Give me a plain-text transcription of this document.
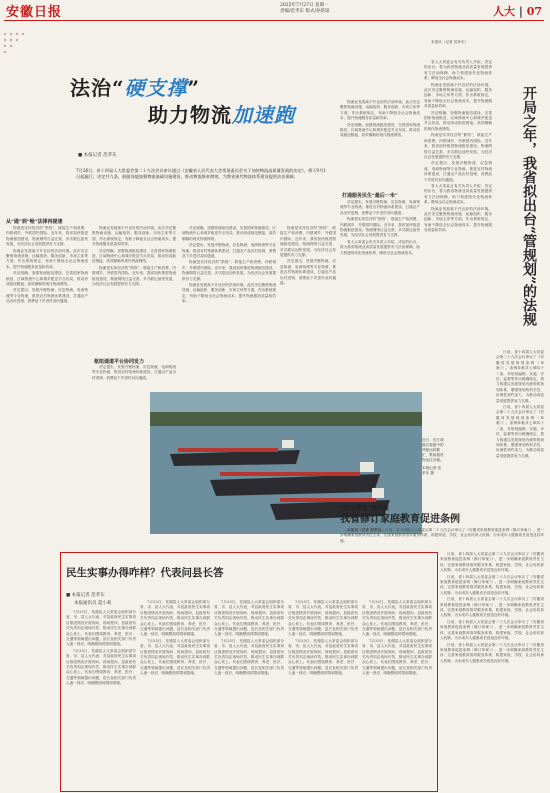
安徽日报	2025年7月27日 星期一
责编/范孝东 版式/孙铭琼	人大 | 07
法治“硬支撑”
助力物流加速跑
■ 本报记者 范孝东
7月26日，省十四届人大常委会第二十九次会议审议通过《安徽省人民代表大会常务委员会关于加快物流高质量发展的决定》，将于9月1日起施行。决定共九条，鼓励各地加强物流基础设施建设，推动物流降本增效，为我省现代物流体系建设提供法治保障。
从“通”到“畅”法律再提速

物流是实体经济的“筋络”，联接生产和消费，内联城乡，外联国内国际。近年来，我省加快推进物流枢纽建设，物流网络日益完善，多式联运加快发展，为经济社会发展提供有力支撑。

物流业发展离不开良好的法治环境。此次决定聚焦物流设施、运输组织、服务创新、市场主体等方面，作出系统规定，有助于降低全社会物流成本，提升物流服务质量和效率。

决定明确，加强物流枢纽建设，完善国家物流枢纽、区域物流中心和城乡配送节点布局，推动形成枢纽链接、高效顺畅的现代物流网络。

决定提出，发展冷链物流、应急物流、电商物流等专业物流，推进农村物流体系建设，打通农产品出村进城、消费品下乡进村双向通道。

物流业发展离不开良好的法治环境。此次决定聚焦物流设施、运输组织、服务创新、市场主体等方面，作出系统规定，有助于降低全社会物流成本，提升物流服务质量和效率。

决定明确，加强物流枢纽建设，完善国家物流枢纽、区域物流中心和城乡配送节点布局，推动形成枢纽链接、高效顺畅的现代物流网络。

物流是实体经济的“筋络”，联接生产和消费，内联城乡，外联国内国际。近年来，我省加快推进物流枢纽建设，物流网络日益完善，多式联运加快发展，为经济社会发展提供有力支撑。

枢纽通道平台协同发力

决定提出，发展冷链物流、应急物流、电商物流等专业物流，推进农村物流体系建设，打通农产品出村进城、消费品下乡进村双向通道。

决定明确，加强物流枢纽建设，完善国家物流枢纽、区域物流中心和城乡配送节点布局，推动形成枢纽链接、高效顺畅的现代物流网络。

决定提出，发展冷链物流、应急物流、电商物流等专业物流，推进农村物流体系建设，打通农产品出村进城、消费品下乡进村双向通道。

物流是实体经济的“筋络”，联接生产和消费，内联城乡，外联国内国际。近年来，我省加快推进物流枢纽建设，物流网络日益完善，多式联运加快发展，为经济社会发展提供有力支撑。

物流业发展离不开良好的法治环境。此次决定聚焦物流设施、运输组织、服务创新、市场主体等方面，作出系统规定，有助于降低全社会物流成本，提升物流服务质量和效率。

物流是实体经济的“筋络”，联接生产和消费，内联城乡，外联国内国际。近年来，我省加快推进物流枢纽建设，物流网络日益完善，多式联运加快发展，为经济社会发展提供有力支撑。

决定提出，发展冷链物流、应急物流、电商物流等专业物流，推进农村物流体系建设，打通农产品出村进城、消费品下乡进村双向通道。

物流业发展离不开良好的法治环境。此次决定聚焦物流设施、运输组织、服务创新、市场主体等方面，作出系统规定，有助于降低全社会物流成本，提升物流服务质量和效率。

决定明确，加强物流枢纽建设，完善国家物流枢纽、区域物流中心和城乡配送节点布局，推动形成枢纽链接、高效顺畅的现代物流网络。

打通服务民生“最后一米”

决定提出，发展冷链物流、应急物流、电商物流等专业物流，推进农村物流体系建设，打通农产品出村进城、消费品下乡进村双向通道。

物流是实体经济的“筋络”，联接生产和消费，内联城乡，外联国内国际。近年来，我省加快推进物流枢纽建设，物流网络日益完善，多式联运加快发展，为经济社会发展提供有力支撑。

省人大常委会有关负责人介绍，决定的出台，将为我省物流业高质量发展提供有力法治保障，助力构建现代化物流体系，降低全社会物流成本。

省人大常委会有关负责人介绍，决定的出台，将为我省物流业高质量发展提供有力法治保障，助力构建现代化物流体系，降低全社会物流成本。

物流业发展离不开良好的法治环境。此次决定聚焦物流设施、运输组织、服务创新、市场主体等方面，作出系统规定，有助于降低全社会物流成本，提升物流服务质量和效率。

决定明确，加强物流枢纽建设，完善国家物流枢纽、区域物流中心和城乡配送节点布局，推动形成枢纽链接、高效顺畅的现代物流网络。

物流是实体经济的“筋络”，联接生产和消费，内联城乡，外联国内国际。近年来，我省加快推进物流枢纽建设，物流网络日益完善，多式联运加快发展，为经济社会发展提供有力支撑。

决定提出，发展冷链物流、应急物流、电商物流等专业物流，推进农村物流体系建设，打通农产品出村进城、消费品下乡进村双向通道。

省人大常委会有关负责人介绍，决定的出台，将为我省物流业高质量发展提供有力法治保障，助力构建现代化物流体系，降低全社会物流成本。

物流业发展离不开良好的法治环境。此次决定聚焦物流设施、运输组织、服务创新、市场主体等方面，作出系统规定，有助于降低全社会物流成本，提升物流服务质量和效率。

近日，在江城港区装船中的货船运转繁忙，集装箱货物运往各地。
本报记者 范孝东 摄
开局之年，我省拟出台“管规划”的法规

本报讯（记者 范孝东）

日前，省十四届人大常委会第二十九次会议审议了《安徽省发展规划条例（草案）》。条例草案共七章四十二条，对规划编制、实施、评估、监督等作出明确规定，着力构建以发展规划为统领的规划体系，增强规划的科学性、协调性和约束力，为推动高质量发展提供有力支撑。

日前，省十四届人大常委会第二十九次会议审议了《安徽省发展规划条例（草案）》。条例草案共七章四十二条，对规划编制、实施、评估、监督等作出明确规定，着力构建以发展规划为统领的规划体系，增强规划的科学性、协调性和约束力，为推动高质量发展提供有力支撑。

“依法带娃”再升级
我省修订家庭教育促进条例

本报讯（记者 范孝东）日前，省十四届人大常委会第二十九次会议审议了《安徽省家庭教育促进条例（修订草案）》，进一步明确家庭教育责任主体，完善家庭教育指导服务体系，构建家庭、学校、社会协同育人机制，为未成年人健康成长营造良好环境。

日前，省十四届人大常委会第二十九次会议审议了《安徽省家庭教育促进条例（修订草案）》，进一步明确家庭教育责任主体，完善家庭教育指导服务体系，构建家庭、学校、社会协同育人机制，为未成年人健康成长营造良好环境。

日前，省十四届人大常委会第二十九次会议审议了《安徽省家庭教育促进条例（修订草案）》，进一步明确家庭教育责任主体，完善家庭教育指导服务体系，构建家庭、学校、社会协同育人机制，为未成年人健康成长营造良好环境。

日前，省十四届人大常委会第二十九次会议审议了《安徽省家庭教育促进条例（修订草案）》，进一步明确家庭教育责任主体，完善家庭教育指导服务体系，构建家庭、学校、社会协同育人机制，为未成年人健康成长营造良好环境。

日前，省十四届人大常委会第二十九次会议审议了《安徽省家庭教育促进条例（修订草案）》，进一步明确家庭教育责任主体，完善家庭教育指导服务体系，构建家庭、学校、社会协同育人机制，为未成年人健康成长营造良好环境。

日前，省十四届人大常委会第二十九次会议审议了《安徽省家庭教育促进条例（修订草案）》，进一步明确家庭教育责任主体，完善家庭教育指导服务体系，构建家庭、学校、社会协同育人机制，为未成年人健康成长营造良好环境。

民生实事办得咋样？代表问县长答
■ 本报记者 范孝东
本报通讯员 夏小莉

7月25日，芜湖县人大常委会组织部分省、市、县人大代表，对县政府民生实事项目推进情况开展询问，现场提问，县政府有关负责同志现场作答，推动民生实事办到群众心坎上。代表们围绕教育、养老、医疗、交通等领域提出问题，县长及相关部门负责人逐一回应，明确整改时限和措施。

7月25日，芜湖县人大常委会组织部分省、市、县人大代表，对县政府民生实事项目推进情况开展询问，现场提问，县政府有关负责同志现场作答，推动民生实事办到群众心坎上。代表们围绕教育、养老、医疗、交通等领域提出问题，县长及相关部门负责人逐一回应，明确整改时限和措施。

7月25日，芜湖县人大常委会组织部分省、市、县人大代表，对县政府民生实事项目推进情况开展询问，现场提问，县政府有关负责同志现场作答，推动民生实事办到群众心坎上。代表们围绕教育、养老、医疗、交通等领域提出问题，县长及相关部门负责人逐一回应，明确整改时限和措施。

7月25日，芜湖县人大常委会组织部分省、市、县人大代表，对县政府民生实事项目推进情况开展询问，现场提问，县政府有关负责同志现场作答，推动民生实事办到群众心坎上。代表们围绕教育、养老、医疗、交通等领域提出问题，县长及相关部门负责人逐一回应，明确整改时限和措施。

7月25日，芜湖县人大常委会组织部分省、市、县人大代表，对县政府民生实事项目推进情况开展询问，现场提问，县政府有关负责同志现场作答，推动民生实事办到群众心坎上。代表们围绕教育、养老、医疗、交通等领域提出问题，县长及相关部门负责人逐一回应，明确整改时限和措施。

7月25日，芜湖县人大常委会组织部分省、市、县人大代表，对县政府民生实事项目推进情况开展询问，现场提问，县政府有关负责同志现场作答，推动民生实事办到群众心坎上。代表们围绕教育、养老、医疗、交通等领域提出问题，县长及相关部门负责人逐一回应，明确整改时限和措施。

7月25日，芜湖县人大常委会组织部分省、市、县人大代表，对县政府民生实事项目推进情况开展询问，现场提问，县政府有关负责同志现场作答，推动民生实事办到群众心坎上。代表们围绕教育、养老、医疗、交通等领域提出问题，县长及相关部门负责人逐一回应，明确整改时限和措施。

7月25日，芜湖县人大常委会组织部分省、市、县人大代表，对县政府民生实事项目推进情况开展询问，现场提问，县政府有关负责同志现场作答，推动民生实事办到群众心坎上。代表们围绕教育、养老、医疗、交通等领域提出问题，县长及相关部门负责人逐一回应，明确整改时限和措施。

7月25日，芜湖县人大常委会组织部分省、市、县人大代表，对县政府民生实事项目推进情况开展询问，现场提问，县政府有关负责同志现场作答，推动民生实事办到群众心坎上。代表们围绕教育、养老、医疗、交通等领域提出问题，县长及相关部门负责人逐一回应，明确整改时限和措施。

7月25日，芜湖县人大常委会组织部分省、市、县人大代表，对县政府民生实事项目推进情况开展询问，现场提问，县政府有关负责同志现场作答，推动民生实事办到群众心坎上。代表们围绕教育、养老、医疗、交通等领域提出问题，县长及相关部门负责人逐一回应，明确整改时限和措施。
